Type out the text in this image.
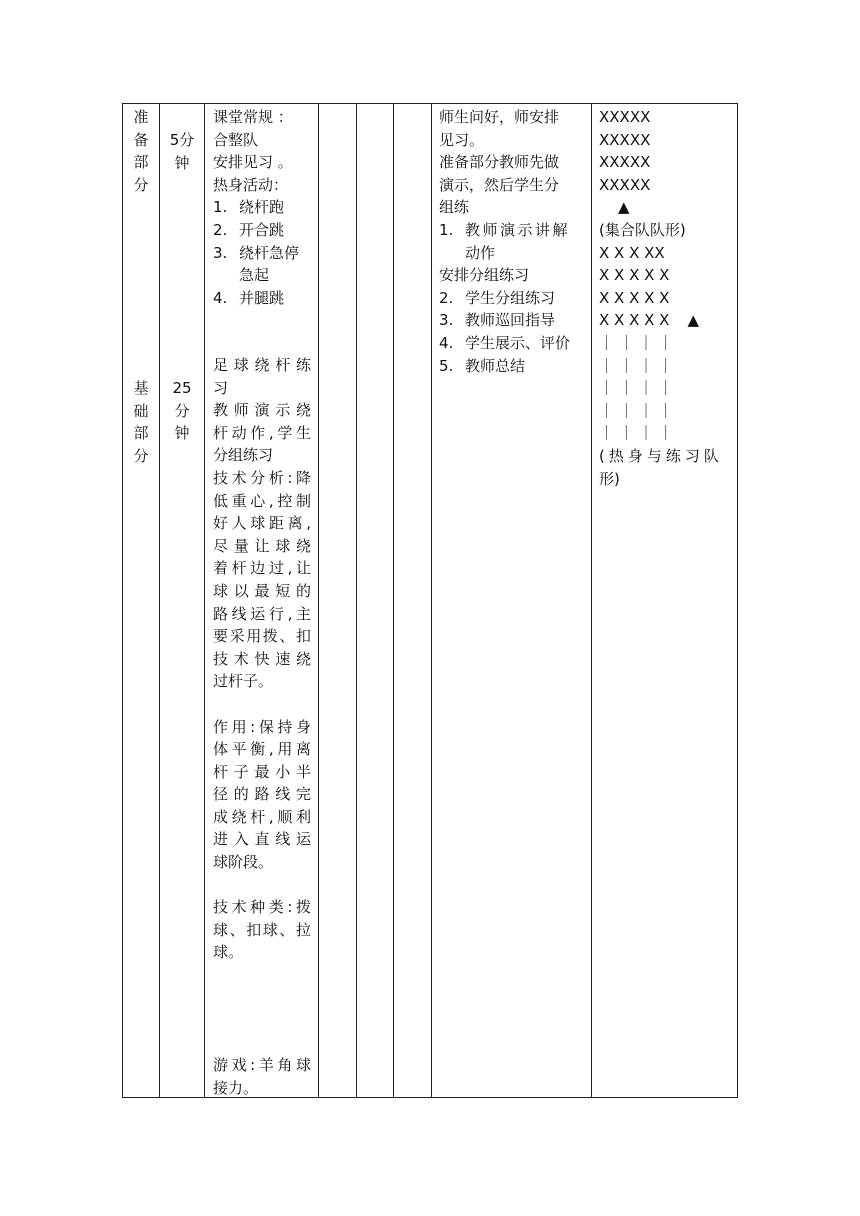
准

备

部

分

基

础

部

分

5分

钟

25

分

钟

课堂常规 ：

合整队

安排见习 。

热身活动：

1. 绕杆跑
2. 开合跳
3. 绕杆急停

急起

4. 并腿跳

足球绕杆练

习

教师演示绕

杆动作,学生

分组练习

技术分析:降

低重心,控制

好人球距离,

尽量让球绕

着杆边过,让

球以最短的

路线运行,主

要采用拨、扣

技术快速绕

过杆子。

作用:保持身

体平衡,用离

杆子最小半

径的路线完

成绕杆,顺利

进入直线运

球阶段。

技术种类:拨

球、扣球、拉

球。

游戏:羊角球

接力。

师生问好，师安排

见习。

准备部分教师先做

演示，然后学生分

组练

1. 教师演示讲解

动作

安排分组练习

2. 学生分组练习
3. 教师巡回指导
4. 学生展示、评价
5. 教师总结

XXXXX

XXXXX

XXXXX

XXXXX

▲

(集合队队形)

X X X XX

X X X X X

X X X X X

X X X X X	▲

｜ ｜ ｜ ｜

｜ ｜ ｜ ｜

｜ ｜ ｜ ｜

｜ ｜ ｜ ｜

｜ ｜ ｜ ｜

(热身与练习队

形)
